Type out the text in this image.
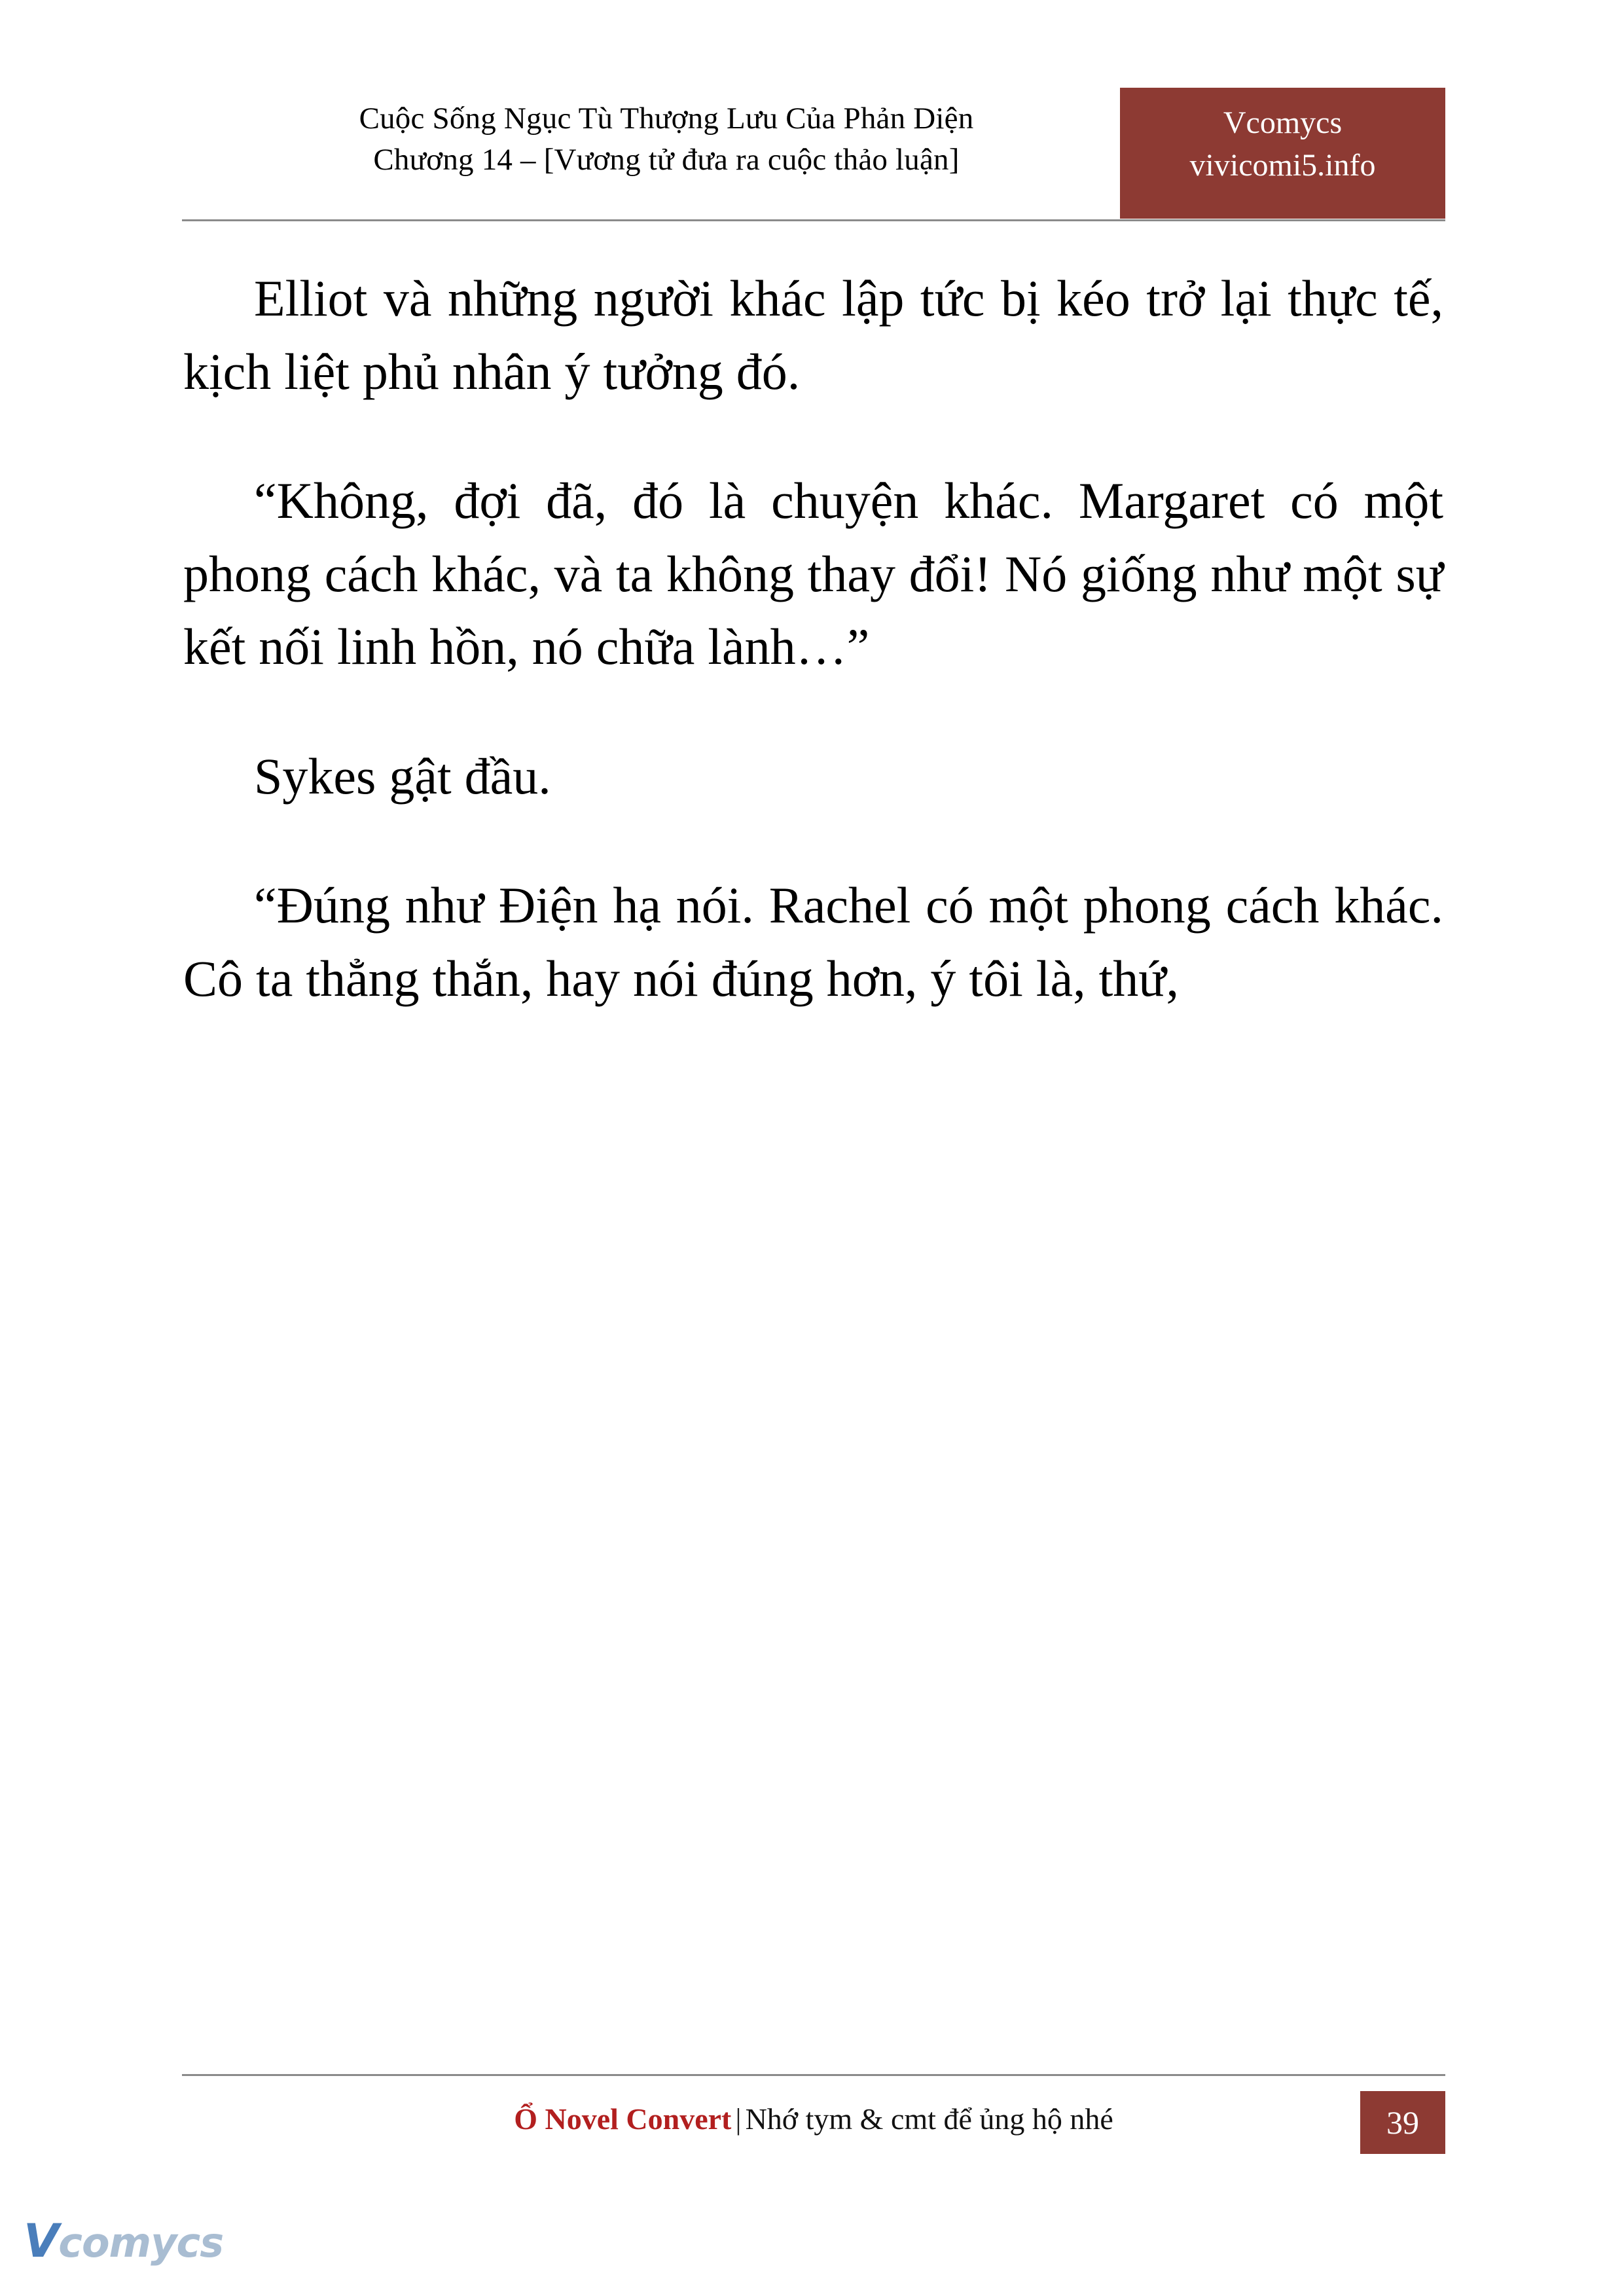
Cuộc Sống Ngục Tù Thượng Lưu Của Phản Diện
Chương 14 – [Vương tử đưa ra cuộc thảo luận]
Vcomycs
vivicomi5.info

Elliot và những người khác lập tức bị kéo trở lại thực tế, kịch liệt phủ nhân ý tưởng đó.

“Không, đợi đã, đó là chuyện khác. Margaret có một phong cách khác, và ta không thay đổi! Nó giống như một sự kết nối linh hồn, nó chữa lành…”

Sykes gật đầu.

“Đúng như Điện hạ nói. Rachel có một phong cách khác. Cô ta thẳng thắn, hay nói đúng hơn, ý tôi là, thứ,

Ổ Novel Convert | Nhớ tym & cmt để ủng hộ nhé	39
Vcomycs
